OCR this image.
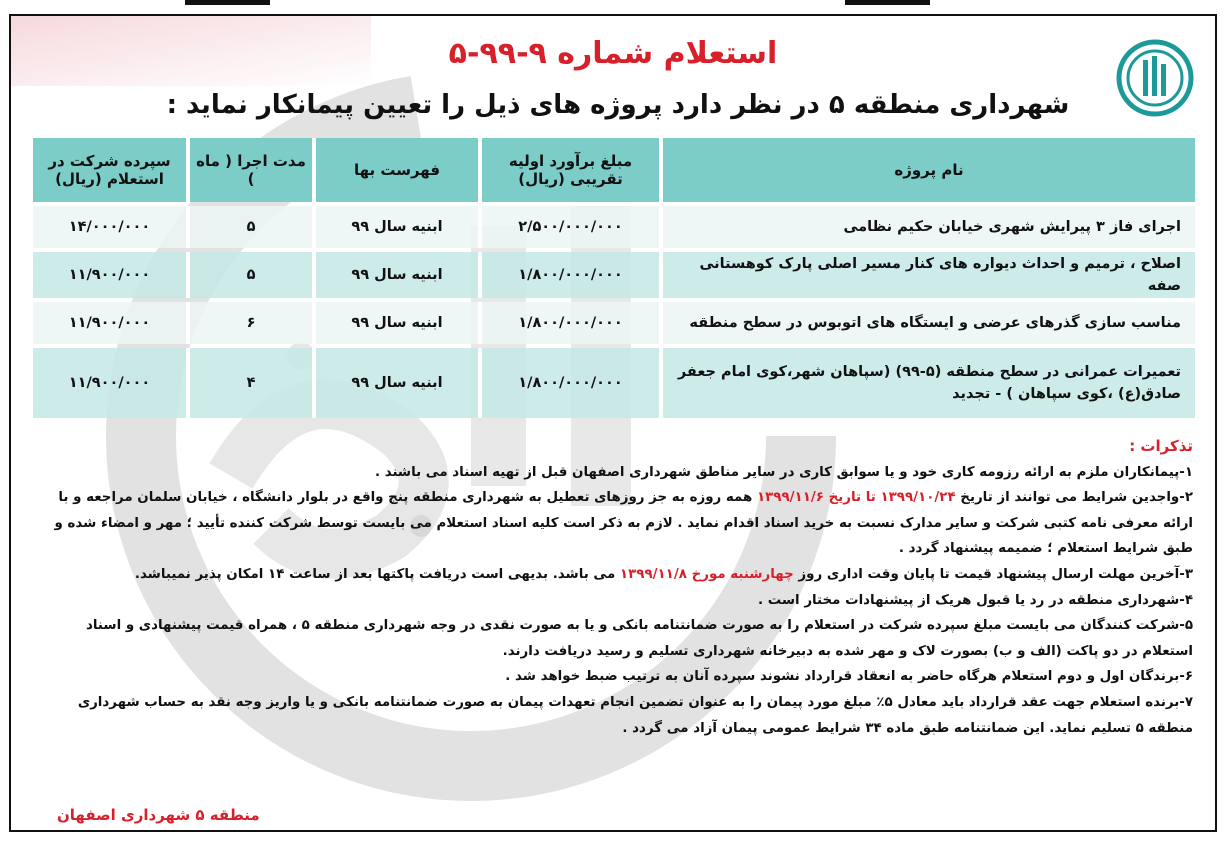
استعلام شماره ۹-۹۹-۵
شهرداری منطقه ۵ در نظر دارد پروژه های ذیل را تعیین پیمانکار نماید :
نام پروژه	مبلغ برآورد اولیه تقریبی (ریال)	فهرست بها	مدت اجرا ( ماه )	سپرده شرکت در استعلام (ریال)
اجرای فاز ۳ پیرایش شهری خیابان حکیم نظامی	۲/۵۰۰/۰۰۰/۰۰۰	ابنیه سال ۹۹	۵	۱۴/۰۰۰/۰۰۰
اصلاح ، ترمیم و احداث دیواره های کنار مسیر اصلی پارک کوهستانی صفه	۱/۸۰۰/۰۰۰/۰۰۰	ابنیه سال ۹۹	۵	۱۱/۹۰۰/۰۰۰
مناسب سازی گذرهای عرضی و ایستگاه های اتوبوس در سطح منطقه	۱/۸۰۰/۰۰۰/۰۰۰	ابنیه سال ۹۹	۶	۱۱/۹۰۰/۰۰۰
تعمیرات عمرانی در سطح منطقه (۵-۹۹) (سپاهان شهر،کوی امام جعفر صادق(ع) ،کوی سپاهان ) - تجدید	۱/۸۰۰/۰۰۰/۰۰۰	ابنیه سال ۹۹	۴	۱۱/۹۰۰/۰۰۰
تذکرات :
۱-پیمانکاران ملزم به ارائه رزومه کاری خود و یا سوابق کاری در سایر مناطق شهرداری اصفهان قبل از تهیه اسناد می باشند .
۲-واجدین شرایط می توانند از تاریخ ۱۳۹۹/۱۰/۲۴ تا تاریخ ۱۳۹۹/۱۱/۶ همه روزه به جز روزهای تعطیل به شهرداری منطقه پنج واقع در بلوار دانشگاه ، خیابان سلمان مراجعه و با ارائه معرفی نامه کتبی شرکت و سایر مدارک نسبت به خرید اسناد اقدام نماید . لازم به ذکر است کلیه اسناد استعلام می بایست توسط شرکت کننده تأیید ؛ مهر و امضاء شده و طبق شرایط استعلام ؛ ضمیمه پیشنهاد گردد .
۳-آخرین مهلت ارسال پیشنهاد قیمت تا پایان وقت اداری روز چهارشنبه مورخ ۱۳۹۹/۱۱/۸ می باشد. بدیهی است دریافت پاکتها بعد از ساعت ۱۴ امکان پذیر نمیباشد.
۴-شهرداری منطقه در رد یا قبول هریک از پیشنهادات مختار است .
۵-شرکت کنندگان می بایست مبلغ سپرده شرکت در استعلام را به صورت ضمانتنامه بانکی و یا به صورت نقدی در وجه شهرداری منطقه ۵ ، همراه قیمت پیشنهادی و اسناد استعلام در دو پاکت (الف و ب) بصورت لاک و مهر شده به دبیرخانه شهرداری تسلیم و رسید دریافت دارند.
۶-برندگان اول و دوم استعلام هرگاه حاضر به انعقاد قرارداد نشوند سپرده آنان به ترتیب ضبط خواهد شد .
۷-برنده استعلام جهت عقد قرارداد باید معادل ۵٪ مبلغ مورد پیمان را به عنوان تضمین انجام تعهدات پیمان به صورت ضمانتنامه بانکی و یا واریز وجه نقد به حساب شهرداری منطقه ۵ تسلیم نماید. این ضمانتنامه طبق ماده ۳۴ شرایط عمومی پیمان آزاد می گردد .
منطقه ۵ شهرداری اصفهان
